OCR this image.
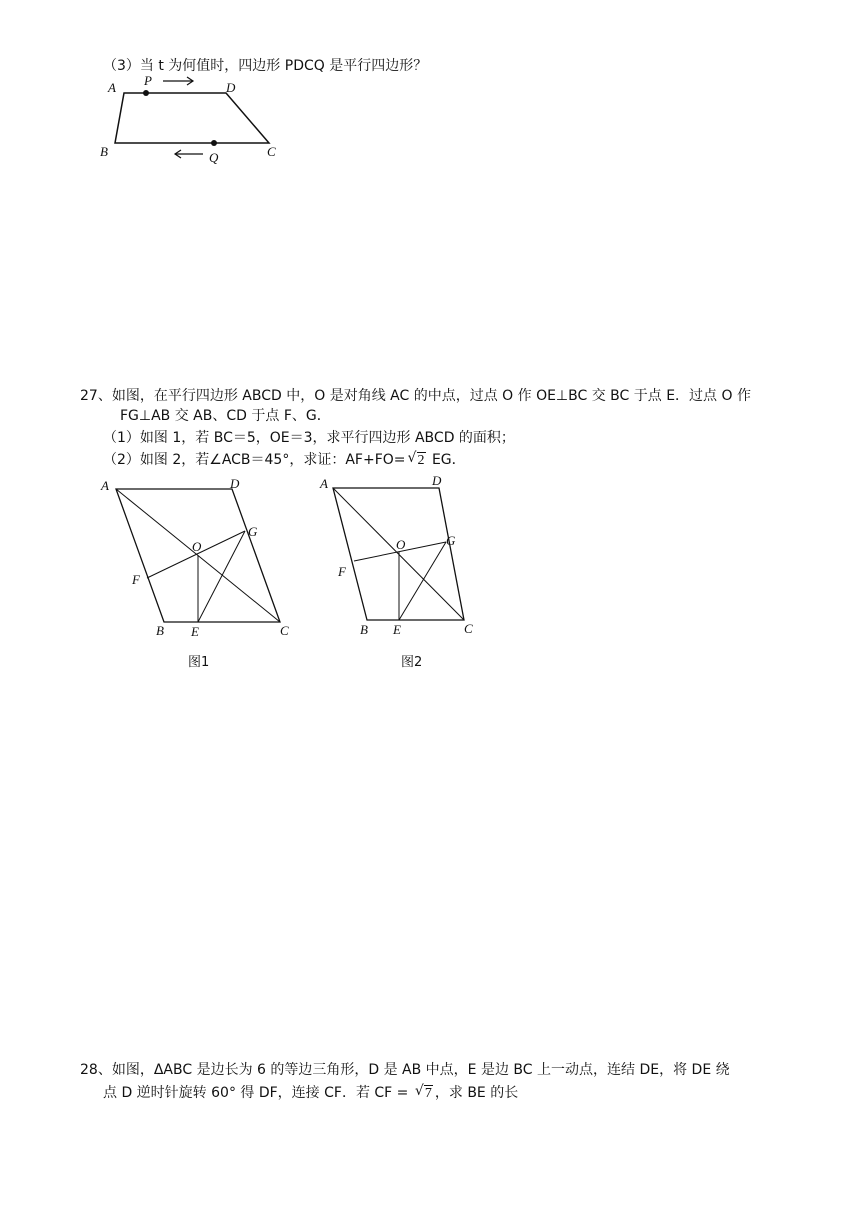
（3）当 t 为何值时，四边形 PDCQ 是平行四边形？
A P	D
B	Q	C
27、如图，在平行四边形 ABCD 中，O 是对角线 AC 的中点，过点 O 作 OE⊥BC 交 BC 于点 E．过点 O 作
FG⊥AB 交 AB、CD 于点 F、G．
（1）如图 1，若 BC＝5，OE＝3，求平行四边形 ABCD 的面积；
（2）如图 2，若∠ACB＝45°，求证：AF+FO= √ 2 EG．
A	D
O
G
F
B E	C
图1
A	D
O	G
F
B E	C
图2
28、如图，ΔABC 是边长为 6 的等边三角形，D 是 AB 中点，E 是边 BC 上一动点，连结 DE，将 DE 绕
点 D 逆时针旋转 60° 得 DF，连接 CF．若 CF = √ 7 ，求 BE 的长
